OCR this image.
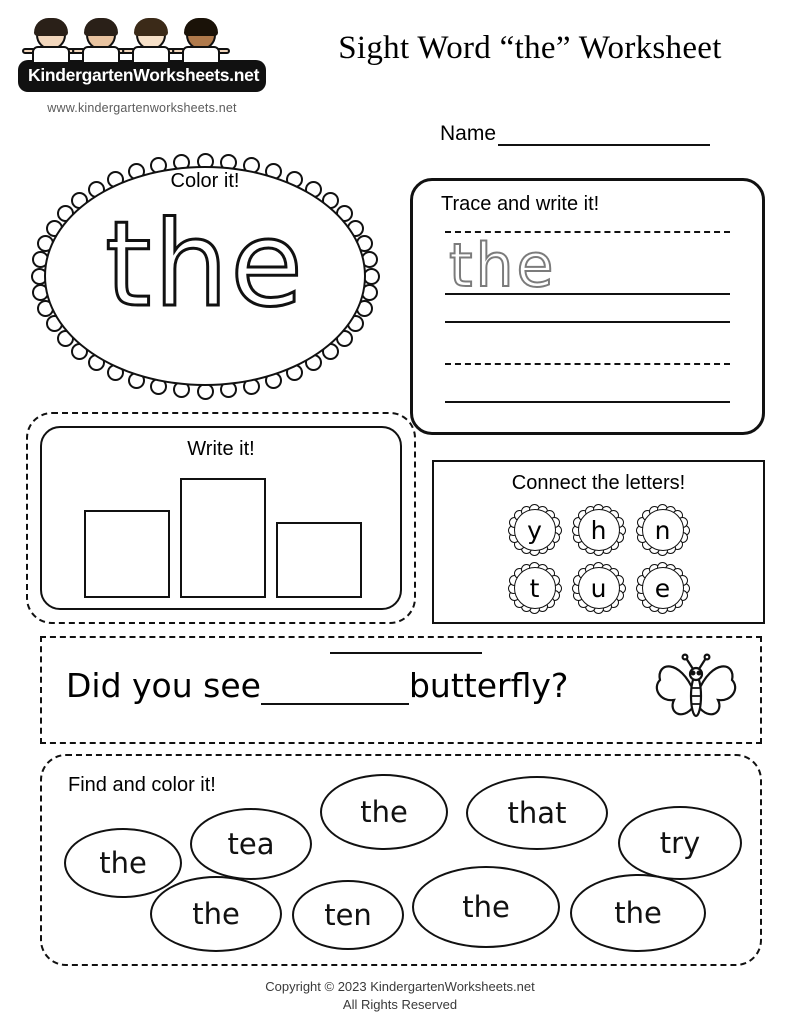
KindergartenWorksheets.net
www.kindergartenworksheets.net
Sight Word “the” Worksheet
Name
Color it!
the	Trace and write it!
the
Write it!
Connect the letters!
y	h	n
t	u	e
Did you see	butterfly?
Find and color it!
the
tea
the	that
try
the	ten	the	the
Copyright © 2023 KindergartenWorksheets.net
All Rights Reserved
